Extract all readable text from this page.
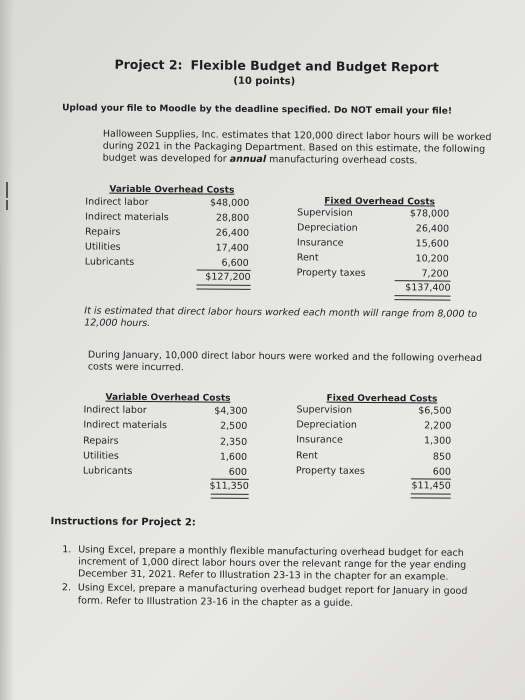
Project 2: Flexible Budget and Budget Report
(10 points)
Upload your file to Moodle by the deadline specified. Do NOT email your file!
Halloween Supplies, Inc. estimates that 120,000 direct labor hours will be worked
during 2021 in the Packaging Department. Based on this estimate, the following
budget was developed for annual manufacturing overhead costs.
Variable Overhead Costs
Indirect labor	$48,000
Indirect materials	28,800
Repairs	26,400
Utilities	17,400
Lubricants	6,600
$127,200
Fixed Overhead Costs
Supervision	$78,000
Depreciation	26,400
Insurance	15,600
Rent	10,200
Property taxes	7,200
$137,400
It is estimated that direct labor hours worked each month will range from 8,000 to
12,000 hours.
During January, 10,000 direct labor hours were worked and the following overhead
costs were incurred.
Variable Overhead Costs
Indirect labor	$4,300
Indirect materials	2,500
Repairs	2,350
Utilities	1,600
Lubricants	600
$11,350
Fixed Overhead Costs
Supervision	$6,500
Depreciation	2,200
Insurance	1,300
Rent	850
Property taxes	600
$11,450
Instructions for Project 2:
1. Using Excel, prepare a monthly flexible manufacturing overhead budget for each
increment of 1,000 direct labor hours over the relevant range for the year ending
December 31, 2021. Refer to Illustration 23-13 in the chapter for an example.
2. Using Excel, prepare a manufacturing overhead budget report for January in good
form. Refer to Illustration 23-16 in the chapter as a guide.
